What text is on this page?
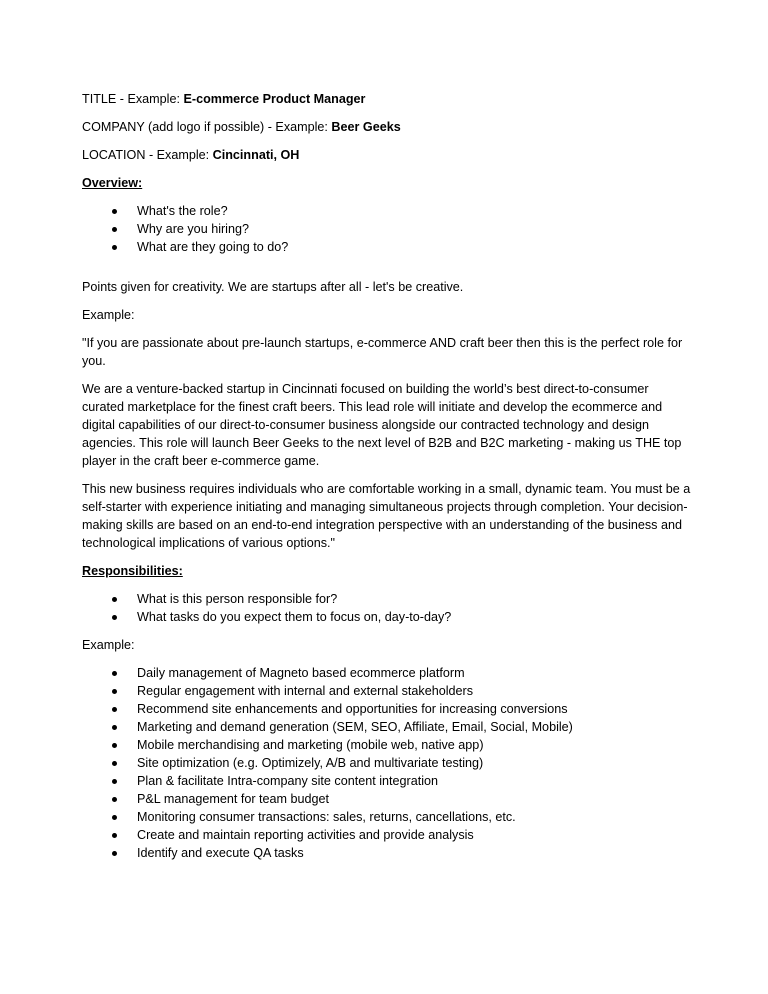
TITLE - Example: E-commerce Product Manager

COMPANY (add logo if possible) - Example: Beer Geeks

LOCATION - Example: Cincinnati, OH

Overview:

What's the role?
Why are you hiring?
What are they going to do?

Points given for creativity. We are startups after all - let's be creative.

Example:

"If you are passionate about pre-launch startups, e-commerce AND craft beer then this is the perfect role for you.

We are a venture-backed startup in Cincinnati focused on building the world’s best direct-to-consumer curated marketplace for the finest craft beers. This lead role will initiate and develop the ecommerce and digital capabilities of our direct-to-consumer business alongside our contracted technology and design agencies. This role will launch Beer Geeks to the next level of B2B and B2C marketing - making us THE top player in the craft beer e-commerce game.

This new business requires individuals who are comfortable working in a small, dynamic team. You must be a self-starter with experience initiating and managing simultaneous projects through completion. Your decision-making skills are based on an end-to-end integration perspective with an understanding of the business and technological implications of various options."

Responsibilities:

What is this person responsible for?
What tasks do you expect them to focus on, day-to-day?

Example:

Daily management of Magneto based ecommerce platform
Regular engagement with internal and external stakeholders
Recommend site enhancements and opportunities for increasing conversions
Marketing and demand generation (SEM, SEO, Affiliate, Email, Social, Mobile)
Mobile merchandising and marketing (mobile web, native app)
Site optimization (e.g. Optimizely, A/B and multivariate testing)
Plan & facilitate Intra-company site content integration
P&L management for team budget
Monitoring consumer transactions: sales, returns, cancellations, etc.
Create and maintain reporting activities and provide analysis
Identify and execute QA tasks
